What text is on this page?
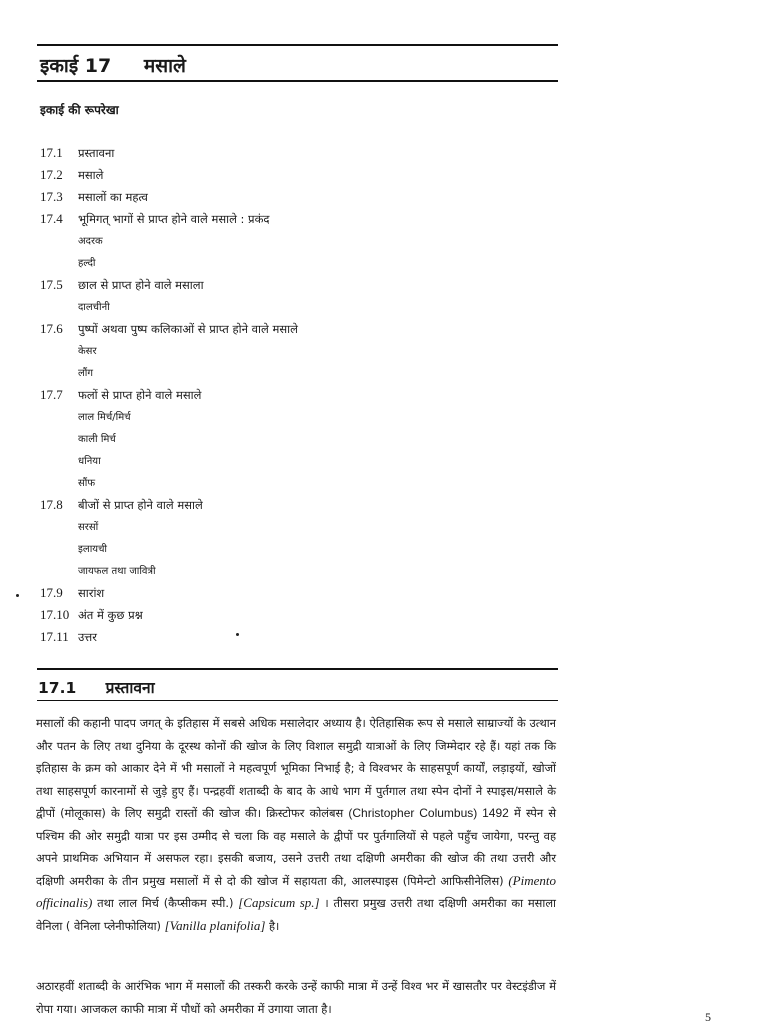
इकाई 17 मसाले
इकाई की रूपरेखा
17.1	प्रस्तावना
17.2	मसाले
17.3	मसालों का महत्व
17.4	भूमिगत् भागों से प्राप्त होने वाले मसाले : प्रकंद
अदरक
हल्दी
17.5	छाल से प्राप्त होने वाले मसाला
दालचीनी
17.6	पुष्पों अथवा पुष्प कलिकाओं से प्राप्त होने वाले मसाले
केसर
लौंग
17.7	फलों से प्राप्त होने वाले मसाले
लाल मिर्च/मिर्च
काली मिर्च
धनिया
सौंफ
17.8	बीजों से प्राप्त होने वाले मसाले
सरसों
इलायची
जायफल तथा जावित्री
17.9	सारांश
17.10 अंत में कुछ प्रश्न
17.11 उत्तर
17.1 प्रस्तावना

मसालों की कहानी पादप जगत् के इतिहास में सबसे अधिक मसालेदार अध्याय है। ऐतिहासिक रूप से मसाले साम्राज्यों के उत्थान और पतन के लिए तथा दुनिया के दूरस्थ कोनों की खोज के लिए विशाल समुद्री यात्राओं के लिए जिम्मेदार रहे हैं। यहां तक कि इतिहास के क्रम को आकार देने में भी मसालों ने महत्वपूर्ण भूमिका निभाई है; वे विश्वभर के साहसपूर्ण कार्यों, लड़ाइयों, खोजों तथा साहसपूर्ण कारनामों से जुड़े हुए हैं। पन्द्रहवीं शताब्दी के बाद के आधे भाग में पुर्तगाल तथा स्पेन दोनों ने स्पाइस/मसाले के द्वीपों (मोलूकास) के लिए समुद्री रास्तों की खोज की। क्रिस्टोफर कोलंबस (Christopher Columbus) 1492 में स्पेन से पश्चिम की ओर समुद्री यात्रा पर इस उम्मीद से चला कि वह मसाले के द्वीपों पर पुर्तगालियों से पहले पहुँच जायेगा, परन्तु वह अपने प्राथमिक अभियान में असफल रहा। इसकी बजाय, उसने उत्तरी तथा दक्षिणी अमरीका की खोज की तथा उत्तरी और दक्षिणी अमरीका के तीन प्रमुख मसालों में से दो की खोज में सहायता की, आलस्पाइस (पिमेन्टो आफिसीनेलिस) (Pimento officinalis) तथा लाल मिर्च (कैप्सीकम स्पी.) [Capsicum sp.] । तीसरा प्रमुख उत्तरी तथा दक्षिणी अमरीका का मसाला वेनिला ( वेनिला प्लेनीफोलिया) [Vanilla planifolia] है।

अठारहवीं शताब्दी के आरंभिक भाग में मसालों की तस्करी करके उन्हें काफी मात्रा में उन्हें विश्व भर में खासतौर पर वेस्टइंडीज में रोपा गया। आजकल काफी मात्रा में पौधों को अमरीका में उगाया जाता है।

5
